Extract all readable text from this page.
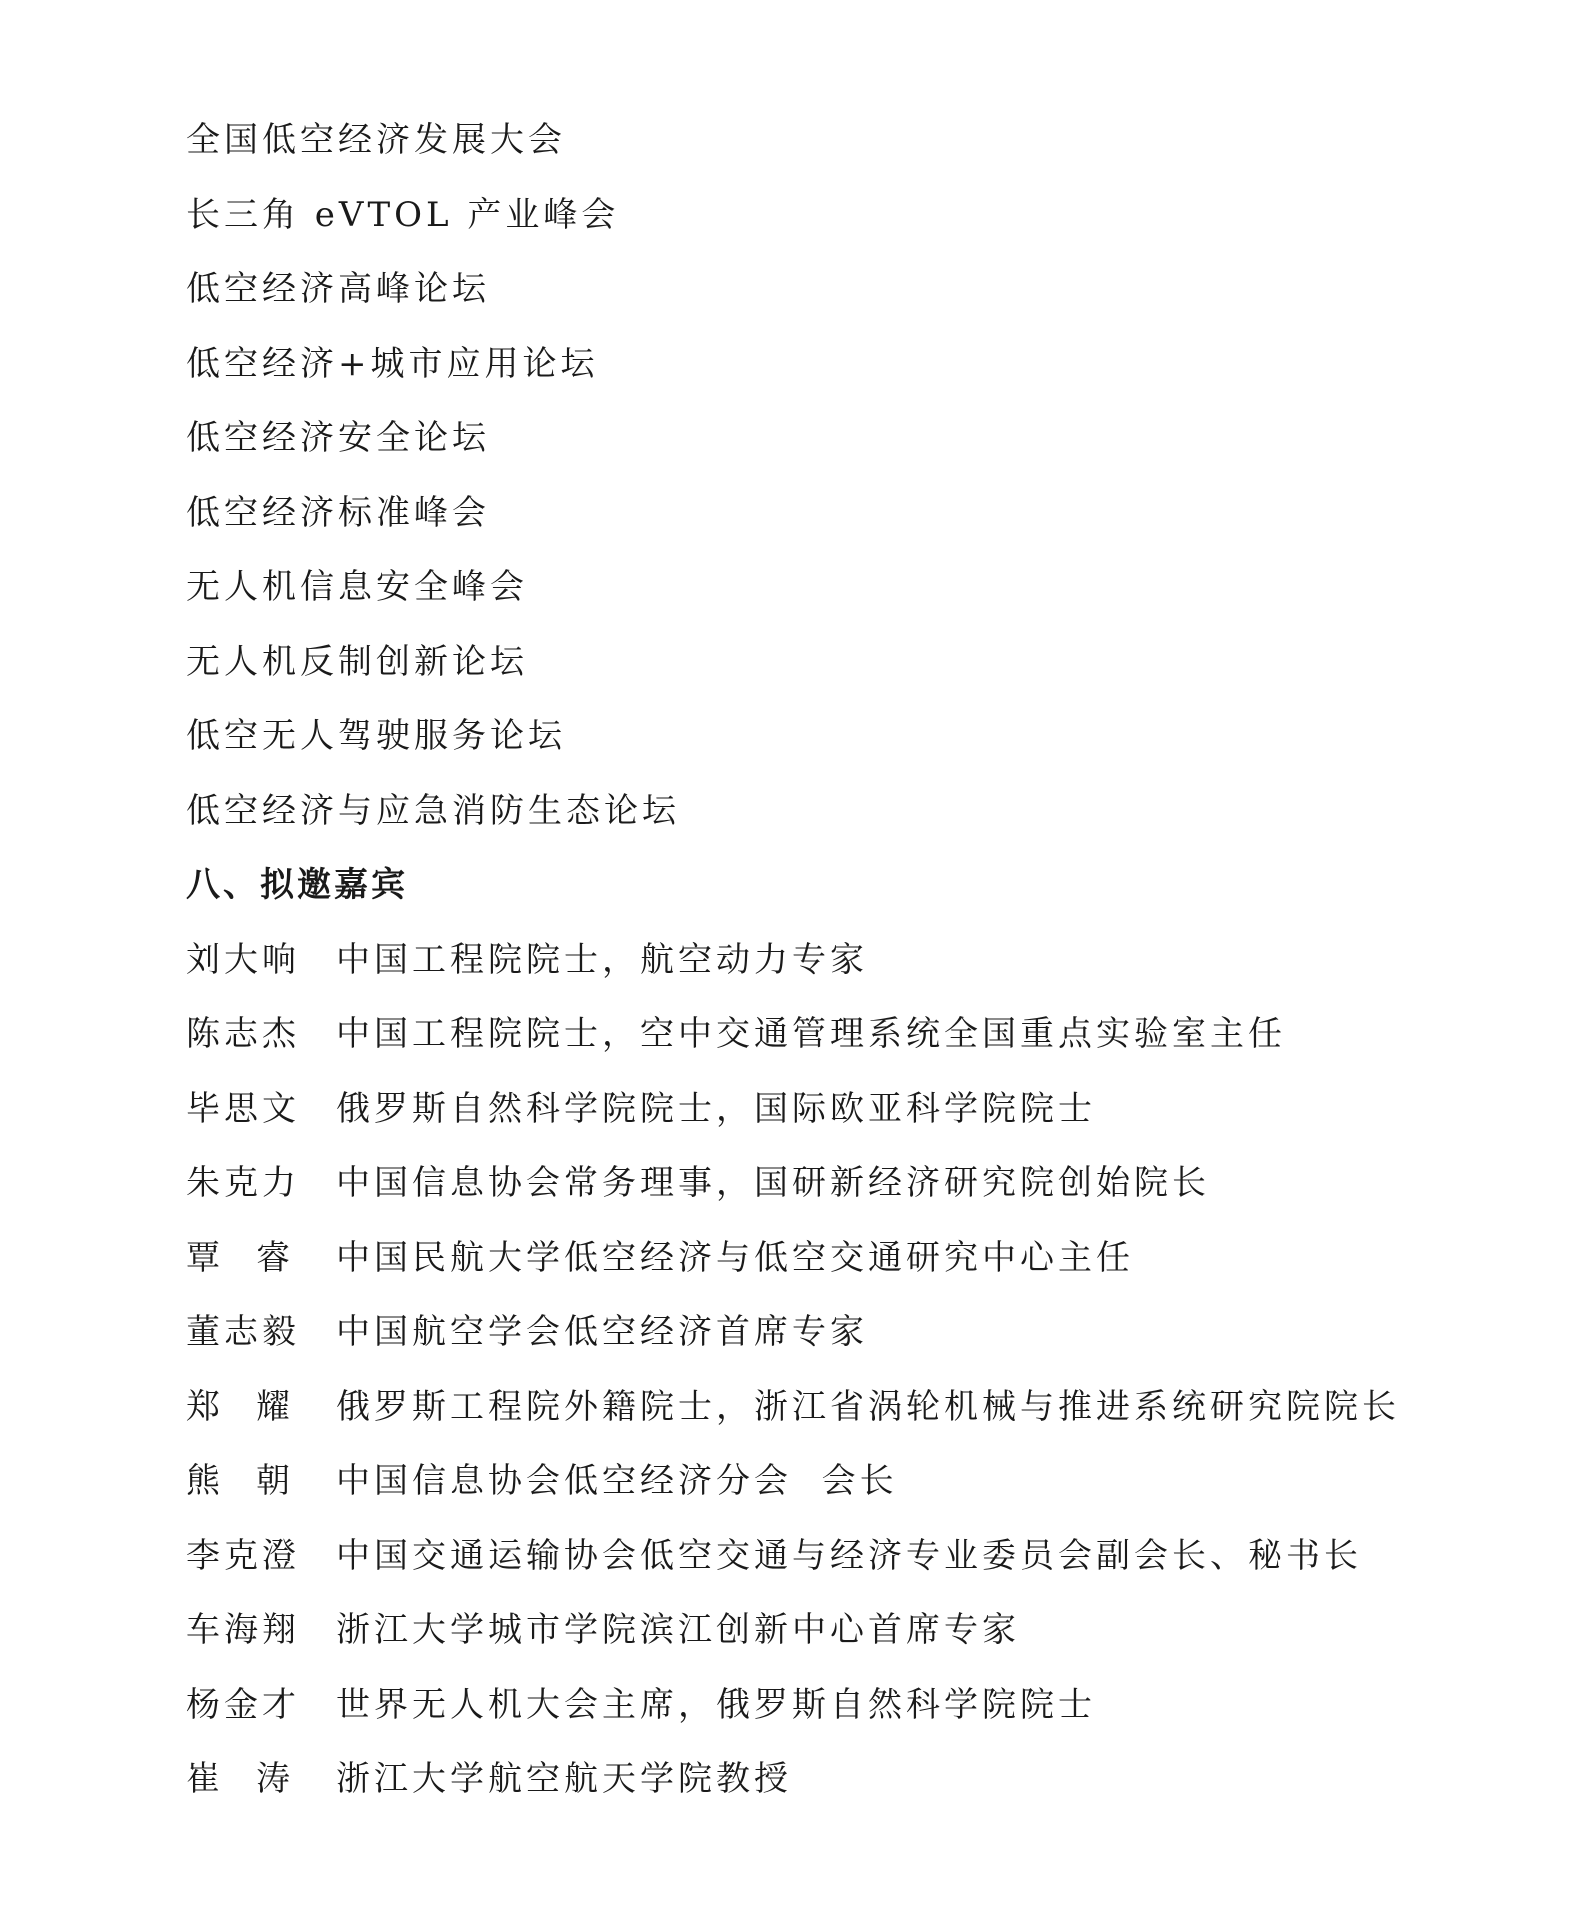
全国低空经济发展大会
长三角 eVTOL 产业峰会
低空经济高峰论坛
低空经济+城市应用论坛
低空经济安全论坛
低空经济标准峰会
无人机信息安全峰会
无人机反制创新论坛
低空无人驾驶服务论坛
低空经济与应急消防生态论坛
八、拟邀嘉宾
刘大响	中国工程院院士，航空动力专家
陈志杰	中国工程院院士，空中交通管理系统全国重点实验室主任
毕思文	俄罗斯自然科学院院士，国际欧亚科学院院士
朱克力	中国信息协会常务理事，国研新经济研究院创始院长
覃 睿 中国民航大学低空经济与低空交通研究中心主任
董志毅	中国航空学会低空经济首席专家
郑 耀 俄罗斯工程院外籍院士，浙江省涡轮机械与推进系统研究院院长
熊 朝 中国信息协会低空经济分会  会长
李克澄	中国交通运输协会低空交通与经济专业委员会副会长、秘书长
车海翔	浙江大学城市学院滨江创新中心首席专家
杨金才	世界无人机大会主席，俄罗斯自然科学院院士
崔 涛 浙江大学航空航天学院教授
